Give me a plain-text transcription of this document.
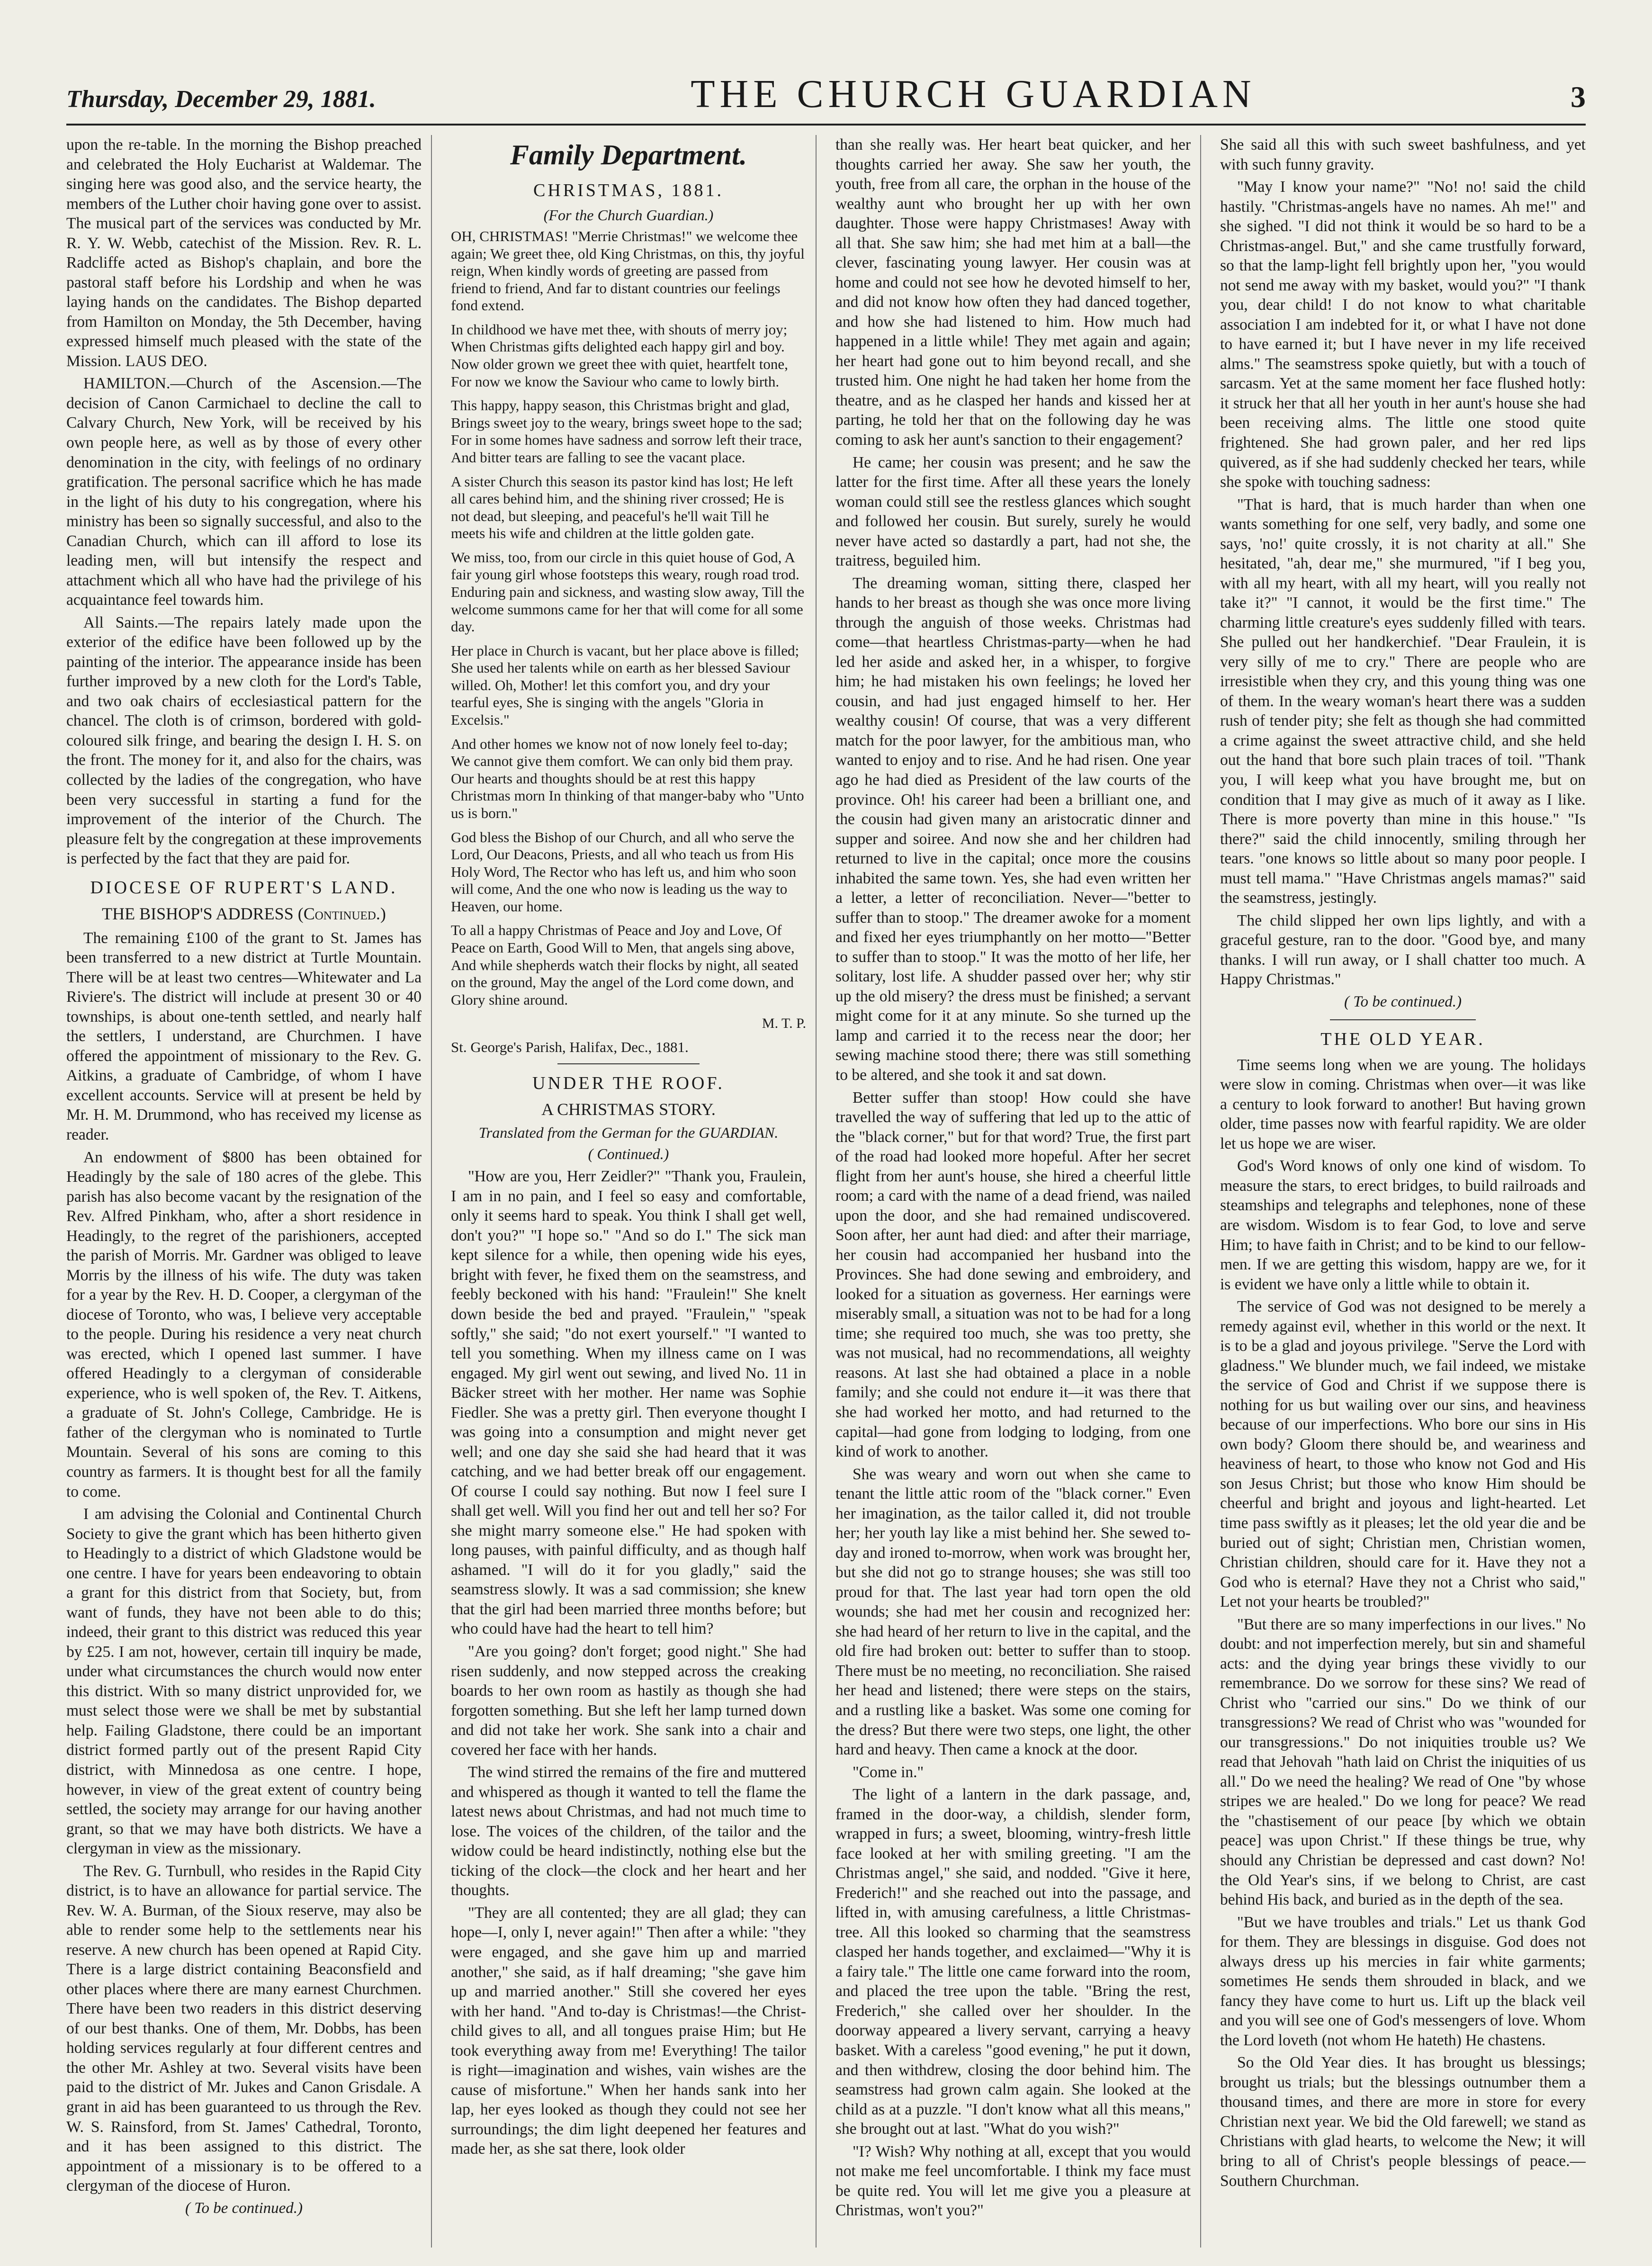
Thursday, December 29, 1881.	THE CHURCH GUARDIAN	3

upon the re-table. In the morning the Bishop preached and celebrated the Holy Eucharist at Waldemar. The singing here was good also, and the service hearty, the members of the Luther choir having gone over to assist. The musical part of the services was conducted by Mr. R. Y. W. Webb, catechist of the Mission. Rev. R. L. Radcliffe acted as Bishop's chaplain, and bore the pastoral staff before his Lordship and when he was laying hands on the candidates. The Bishop departed from Hamilton on Monday, the 5th December, having expressed himself much pleased with the state of the Mission. LAUS DEO.

HAMILTON.—Church of the Ascension.—The decision of Canon Carmichael to decline the call to Calvary Church, New York, will be received by his own people here, as well as by those of every other denomination in the city, with feelings of no ordinary gratification. The personal sacrifice which he has made in the light of his duty to his congregation, where his ministry has been so signally successful, and also to the Canadian Church, which can ill afford to lose its leading men, will but intensify the respect and attachment which all who have had the privilege of his acquaintance feel towards him.

All Saints.—The repairs lately made upon the exterior of the edifice have been followed up by the painting of the interior. The appearance inside has been further improved by a new cloth for the Lord's Table, and two oak chairs of ecclesiastical pattern for the chancel. The cloth is of crimson, bordered with gold-coloured silk fringe, and bearing the design I. H. S. on the front. The money for it, and also for the chairs, was collected by the ladies of the congregation, who have been very successful in starting a fund for the improvement of the interior of the Church. The pleasure felt by the congregation at these improvements is perfected by the fact that they are paid for.

DIOCESE OF RUPERT'S LAND.
THE BISHOP'S ADDRESS (Continued.)

The remaining £100 of the grant to St. James has been transferred to a new district at Turtle Mountain. There will be at least two centres—Whitewater and La Riviere's. The district will include at present 30 or 40 townships, is about one-tenth settled, and nearly half the settlers, I understand, are Churchmen. I have offered the appointment of missionary to the Rev. G. Aitkins, a graduate of Cambridge, of whom I have excellent accounts. Service will at present be held by Mr. H. M. Drummond, who has received my license as reader.

An endowment of $800 has been obtained for Headingly by the sale of 180 acres of the glebe. This parish has also become vacant by the resignation of the Rev. Alfred Pinkham, who, after a short residence in Headingly, to the regret of the parishioners, accepted the parish of Morris. Mr. Gardner was obliged to leave Morris by the illness of his wife. The duty was taken for a year by the Rev. H. D. Cooper, a clergyman of the diocese of Toronto, who was, I believe very acceptable to the people. During his residence a very neat church was erected, which I opened last summer. I have offered Headingly to a clergyman of considerable experience, who is well spoken of, the Rev. T. Aitkens, a graduate of St. John's College, Cambridge. He is father of the clergyman who is nominated to Turtle Mountain. Several of his sons are coming to this country as farmers. It is thought best for all the family to come.

I am advising the Colonial and Continental Church Society to give the grant which has been hitherto given to Headingly to a district of which Gladstone would be one centre. I have for years been endeavoring to obtain a grant for this district from that Society, but, from want of funds, they have not been able to do this; indeed, their grant to this district was reduced this year by £25. I am not, however, certain till inquiry be made, under what circumstances the church would now enter this district. With so many district unprovided for, we must select those were we shall be met by substantial help. Failing Gladstone, there could be an important district formed partly out of the present Rapid City district, with Minnedosa as one centre. I hope, however, in view of the great extent of country being settled, the society may arrange for our having another grant, so that we may have both districts. We have a clergyman in view as the missionary.

The Rev. G. Turnbull, who resides in the Rapid City district, is to have an allowance for partial service. The Rev. W. A. Burman, of the Sioux reserve, may also be able to render some help to the settlements near his reserve. A new church has been opened at Rapid City. There is a large district containing Beaconsfield and other places where there are many earnest Churchmen. There have been two readers in this district deserving of our best thanks. One of them, Mr. Dobbs, has been holding services regularly at four different centres and the other Mr. Ashley at two. Several visits have been paid to the district of Mr. Jukes and Canon Grisdale. A grant in aid has been guaranteed to us through the Rev. W. S. Rainsford, from St. James' Cathedral, Toronto, and it has been assigned to this district. The appointment of a missionary is to be offered to a clergyman of the diocese of Huron.

( To be continued.)

Family Department.
CHRISTMAS, 1881.
(For the Church Guardian.)

OH, CHRISTMAS! "Merrie Christmas!" we welcome thee again; We greet thee, old King Christmas, on this, thy joyful reign, When kindly words of greeting are passed from friend to friend, And far to distant countries our feelings fond extend.

In childhood we have met thee, with shouts of merry joy; When Christmas gifts delighted each happy girl and boy. Now older grown we greet thee with quiet, heartfelt tone, For now we know the Saviour who came to lowly birth.

This happy, happy season, this Christmas bright and glad, Brings sweet joy to the weary, brings sweet hope to the sad; For in some homes have sadness and sorrow left their trace, And bitter tears are falling to see the vacant place.

A sister Church this season its pastor kind has lost; He left all cares behind him, and the shining river crossed; He is not dead, but sleeping, and peaceful's he'll wait Till he meets his wife and children at the little golden gate.

We miss, too, from our circle in this quiet house of God, A fair young girl whose footsteps this weary, rough road trod. Enduring pain and sickness, and wasting slow away, Till the welcome summons came for her that will come for all some day.

Her place in Church is vacant, but her place above is filled; She used her talents while on earth as her blessed Saviour willed. Oh, Mother! let this comfort you, and dry your tearful eyes, She is singing with the angels "Gloria in Excelsis."

And other homes we know not of now lonely feel to-day; We cannot give them comfort. We can only bid them pray. Our hearts and thoughts should be at rest this happy Christmas morn In thinking of that manger-baby who "Unto us is born."

God bless the Bishop of our Church, and all who serve the Lord, Our Deacons, Priests, and all who teach us from His Holy Word, The Rector who has left us, and him who soon will come, And the one who now is leading us the way to Heaven, our home.

To all a happy Christmas of Peace and Joy and Love, Of Peace on Earth, Good Will to Men, that angels sing above, And while shepherds watch their flocks by night, all seated on the ground, May the angel of the Lord come down, and Glory shine around.

M. T. P.

St. George's Parish, Halifax, Dec., 1881.

UNDER THE ROOF.
A CHRISTMAS STORY.
Translated from the German for the GUARDIAN.
( Continued.)

"How are you, Herr Zeidler?" "Thank you, Fraulein, I am in no pain, and I feel so easy and comfortable, only it seems hard to speak. You think I shall get well, don't you?" "I hope so." "And so do I." The sick man kept silence for a while, then opening wide his eyes, bright with fever, he fixed them on the seamstress, and feebly beckoned with his hand: "Fraulein!" She knelt down beside the bed and prayed. "Fraulein," "speak softly," she said; "do not exert yourself." "I wanted to tell you something. When my illness came on I was engaged. My girl went out sewing, and lived No. 11 in Bäcker street with her mother. Her name was Sophie Fiedler. She was a pretty girl. Then everyone thought I was going into a consumption and might never get well; and one day she said she had heard that it was catching, and we had better break off our engagement. Of course I could say nothing. But now I feel sure I shall get well. Will you find her out and tell her so? For she might marry someone else." He had spoken with long pauses, with painful difficulty, and as though half ashamed. "I will do it for you gladly," said the seamstress slowly. It was a sad commission; she knew that the girl had been married three months before; but who could have had the heart to tell him?

"Are you going? don't forget; good night." She had risen suddenly, and now stepped across the creaking boards to her own room as hastily as though she had forgotten something. But she left her lamp turned down and did not take her work. She sank into a chair and covered her face with her hands.

The wind stirred the remains of the fire and muttered and whispered as though it wanted to tell the flame the latest news about Christmas, and had not much time to lose. The voices of the children, of the tailor and the widow could be heard indistinctly, nothing else but the ticking of the clock—the clock and her heart and her thoughts.

"They are all contented; they are all glad; they can hope—I, only I, never again!" Then after a while: "they were engaged, and she gave him up and married another," she said, as if half dreaming; "she gave him up and married another." Still she covered her eyes with her hand. "And to-day is Christmas!—the Christ-child gives to all, and all tongues praise Him; but He took everything away from me! Everything! The tailor is right—imagination and wishes, vain wishes are the cause of misfortune." When her hands sank into her lap, her eyes looked as though they could not see her surroundings; the dim light deepened her features and made her, as she sat there, look older

than she really was. Her heart beat quicker, and her thoughts carried her away. She saw her youth, the youth, free from all care, the orphan in the house of the wealthy aunt who brought her up with her own daughter. Those were happy Christmases! Away with all that. She saw him; she had met him at a ball—the clever, fascinating young lawyer. Her cousin was at home and could not see how he devoted himself to her, and did not know how often they had danced together, and how she had listened to him. How much had happened in a little while! They met again and again; her heart had gone out to him beyond recall, and she trusted him. One night he had taken her home from the theatre, and as he clasped her hands and kissed her at parting, he told her that on the following day he was coming to ask her aunt's sanction to their engagement?

He came; her cousin was present; and he saw the latter for the first time. After all these years the lonely woman could still see the restless glances which sought and followed her cousin. But surely, surely he would never have acted so dastardly a part, had not she, the traitress, beguiled him.

The dreaming woman, sitting there, clasped her hands to her breast as though she was once more living through the anguish of those weeks. Christmas had come—that heartless Christmas-party—when he had led her aside and asked her, in a whisper, to forgive him; he had mistaken his own feelings; he loved her cousin, and had just engaged himself to her. Her wealthy cousin! Of course, that was a very different match for the poor lawyer, for the ambitious man, who wanted to enjoy and to rise. And he had risen. One year ago he had died as President of the law courts of the province. Oh! his career had been a brilliant one, and the cousin had given many an aristocratic dinner and supper and soiree. And now she and her children had returned to live in the capital; once more the cousins inhabited the same town. Yes, she had even written her a letter, a letter of reconciliation. Never—"better to suffer than to stoop." The dreamer awoke for a moment and fixed her eyes triumphantly on her motto—"Better to suffer than to stoop." It was the motto of her life, her solitary, lost life. A shudder passed over her; why stir up the old misery? the dress must be finished; a servant might come for it at any minute. So she turned up the lamp and carried it to the recess near the door; her sewing machine stood there; there was still something to be altered, and she took it and sat down.

Better suffer than stoop! How could she have travelled the way of suffering that led up to the attic of the "black corner," but for that word? True, the first part of the road had looked more hopeful. After her secret flight from her aunt's house, she hired a cheerful little room; a card with the name of a dead friend, was nailed upon the door, and she had remained undiscovered. Soon after, her aunt had died: and after their marriage, her cousin had accompanied her husband into the Provinces. She had done sewing and embroidery, and looked for a situation as governess. Her earnings were miserably small, a situation was not to be had for a long time; she required too much, she was too pretty, she was not musical, had no recommendations, all weighty reasons. At last she had obtained a place in a noble family; and she could not endure it—it was there that she had worked her motto, and had returned to the capital—had gone from lodging to lodging, from one kind of work to another.

She was weary and worn out when she came to tenant the little attic room of the "black corner." Even her imagination, as the tailor called it, did not trouble her; her youth lay like a mist behind her. She sewed to-day and ironed to-morrow, when work was brought her, but she did not go to strange houses; she was still too proud for that. The last year had torn open the old wounds; she had met her cousin and recognized her: she had heard of her return to live in the capital, and the old fire had broken out: better to suffer than to stoop. There must be no meeting, no reconciliation. She raised her head and listened; there were steps on the stairs, and a rustling like a basket. Was some one coming for the dress? But there were two steps, one light, the other hard and heavy. Then came a knock at the door.

"Come in."

The light of a lantern in the dark passage, and, framed in the door-way, a childish, slender form, wrapped in furs; a sweet, blooming, wintry-fresh little face looked at her with smiling greeting. "I am the Christmas angel," she said, and nodded. "Give it here, Frederich!" and she reached out into the passage, and lifted in, with amusing carefulness, a little Christmas-tree. All this looked so charming that the seamstress clasped her hands together, and exclaimed—"Why it is a fairy tale." The little one came forward into the room, and placed the tree upon the table. "Bring the rest, Frederich," she called over her shoulder. In the doorway appeared a livery servant, carrying a heavy basket. With a careless "good evening," he put it down, and then withdrew, closing the door behind him. The seamstress had grown calm again. She looked at the child as at a puzzle. "I don't know what all this means," she brought out at last. "What do you wish?"

"I? Wish? Why nothing at all, except that you would not make me feel uncomfortable. I think my face must be quite red. You will let me give you a pleasure at Christmas, won't you?"

She said all this with such sweet bashfulness, and yet with such funny gravity.

"May I know your name?" "No! no! said the child hastily. "Christmas-angels have no names. Ah me!" and she sighed. "I did not think it would be so hard to be a Christmas-angel. But," and she came trustfully forward, so that the lamp-light fell brightly upon her, "you would not send me away with my basket, would you?" "I thank you, dear child! I do not know to what charitable association I am indebted for it, or what I have not done to have earned it; but I have never in my life received alms." The seamstress spoke quietly, but with a touch of sarcasm. Yet at the same moment her face flushed hotly: it struck her that all her youth in her aunt's house she had been receiving alms. The little one stood quite frightened. She had grown paler, and her red lips quivered, as if she had suddenly checked her tears, while she spoke with touching sadness:

"That is hard, that is much harder than when one wants something for one self, very badly, and some one says, 'no!' quite crossly, it is not charity at all." She hesitated, "ah, dear me," she murmured, "if I beg you, with all my heart, with all my heart, will you really not take it?" "I cannot, it would be the first time." The charming little creature's eyes suddenly filled with tears. She pulled out her handkerchief. "Dear Fraulein, it is very silly of me to cry." There are people who are irresistible when they cry, and this young thing was one of them. In the weary woman's heart there was a sudden rush of tender pity; she felt as though she had committed a crime against the sweet attractive child, and she held out the hand that bore such plain traces of toil. "Thank you, I will keep what you have brought me, but on condition that I may give as much of it away as I like. There is more poverty than mine in this house." "Is there?" said the child innocently, smiling through her tears. "one knows so little about so many poor people. I must tell mama." "Have Christmas angels mamas?" said the seamstress, jestingly.

The child slipped her own lips lightly, and with a graceful gesture, ran to the door. "Good bye, and many thanks. I will run away, or I shall chatter too much. A Happy Christmas."

( To be continued.)

THE OLD YEAR.

Time seems long when we are young. The holidays were slow in coming. Christmas when over—it was like a century to look forward to another! But having grown older, time passes now with fearful rapidity. We are older let us hope we are wiser.

God's Word knows of only one kind of wisdom. To measure the stars, to erect bridges, to build railroads and steamships and telegraphs and telephones, none of these are wisdom. Wisdom is to fear God, to love and serve Him; to have faith in Christ; and to be kind to our fellow-men. If we are getting this wisdom, happy are we, for it is evident we have only a little while to obtain it.

The service of God was not designed to be merely a remedy against evil, whether in this world or the next. It is to be a glad and joyous privilege. "Serve the Lord with gladness." We blunder much, we fail indeed, we mistake the service of God and Christ if we suppose there is nothing for us but wailing over our sins, and heaviness because of our imperfections. Who bore our sins in His own body? Gloom there should be, and weariness and heaviness of heart, to those who know not God and His son Jesus Christ; but those who know Him should be cheerful and bright and joyous and light-hearted. Let time pass swiftly as it pleases; let the old year die and be buried out of sight; Christian men, Christian women, Christian children, should care for it. Have they not a God who is eternal? Have they not a Christ who said," Let not your hearts be troubled?"

"But there are so many imperfections in our lives." No doubt: and not imperfection merely, but sin and shameful acts: and the dying year brings these vividly to our remembrance. Do we sorrow for these sins? We read of Christ who "carried our sins." Do we think of our transgressions? We read of Christ who was "wounded for our transgressions." Do not iniquities trouble us? We read that Jehovah "hath laid on Christ the iniquities of us all." Do we need the healing? We read of One "by whose stripes we are healed." Do we long for peace? We read the "chastisement of our peace [by which we obtain peace] was upon Christ." If these things be true, why should any Christian be depressed and cast down? No! the Old Year's sins, if we belong to Christ, are cast behind His back, and buried as in the depth of the sea.

"But we have troubles and trials." Let us thank God for them. They are blessings in disguise. God does not always dress up his mercies in fair white garments; sometimes He sends them shrouded in black, and we fancy they have come to hurt us. Lift up the black veil and you will see one of God's messengers of love. Whom the Lord loveth (not whom He hateth) He chastens.

So the Old Year dies. It has brought us blessings; brought us trials; but the blessings outnumber them a thousand times, and there are more in store for every Christian next year. We bid the Old farewell; we stand as Christians with glad hearts, to welcome the New; it will bring to all of Christ's people blessings of peace.—Southern Churchman.
